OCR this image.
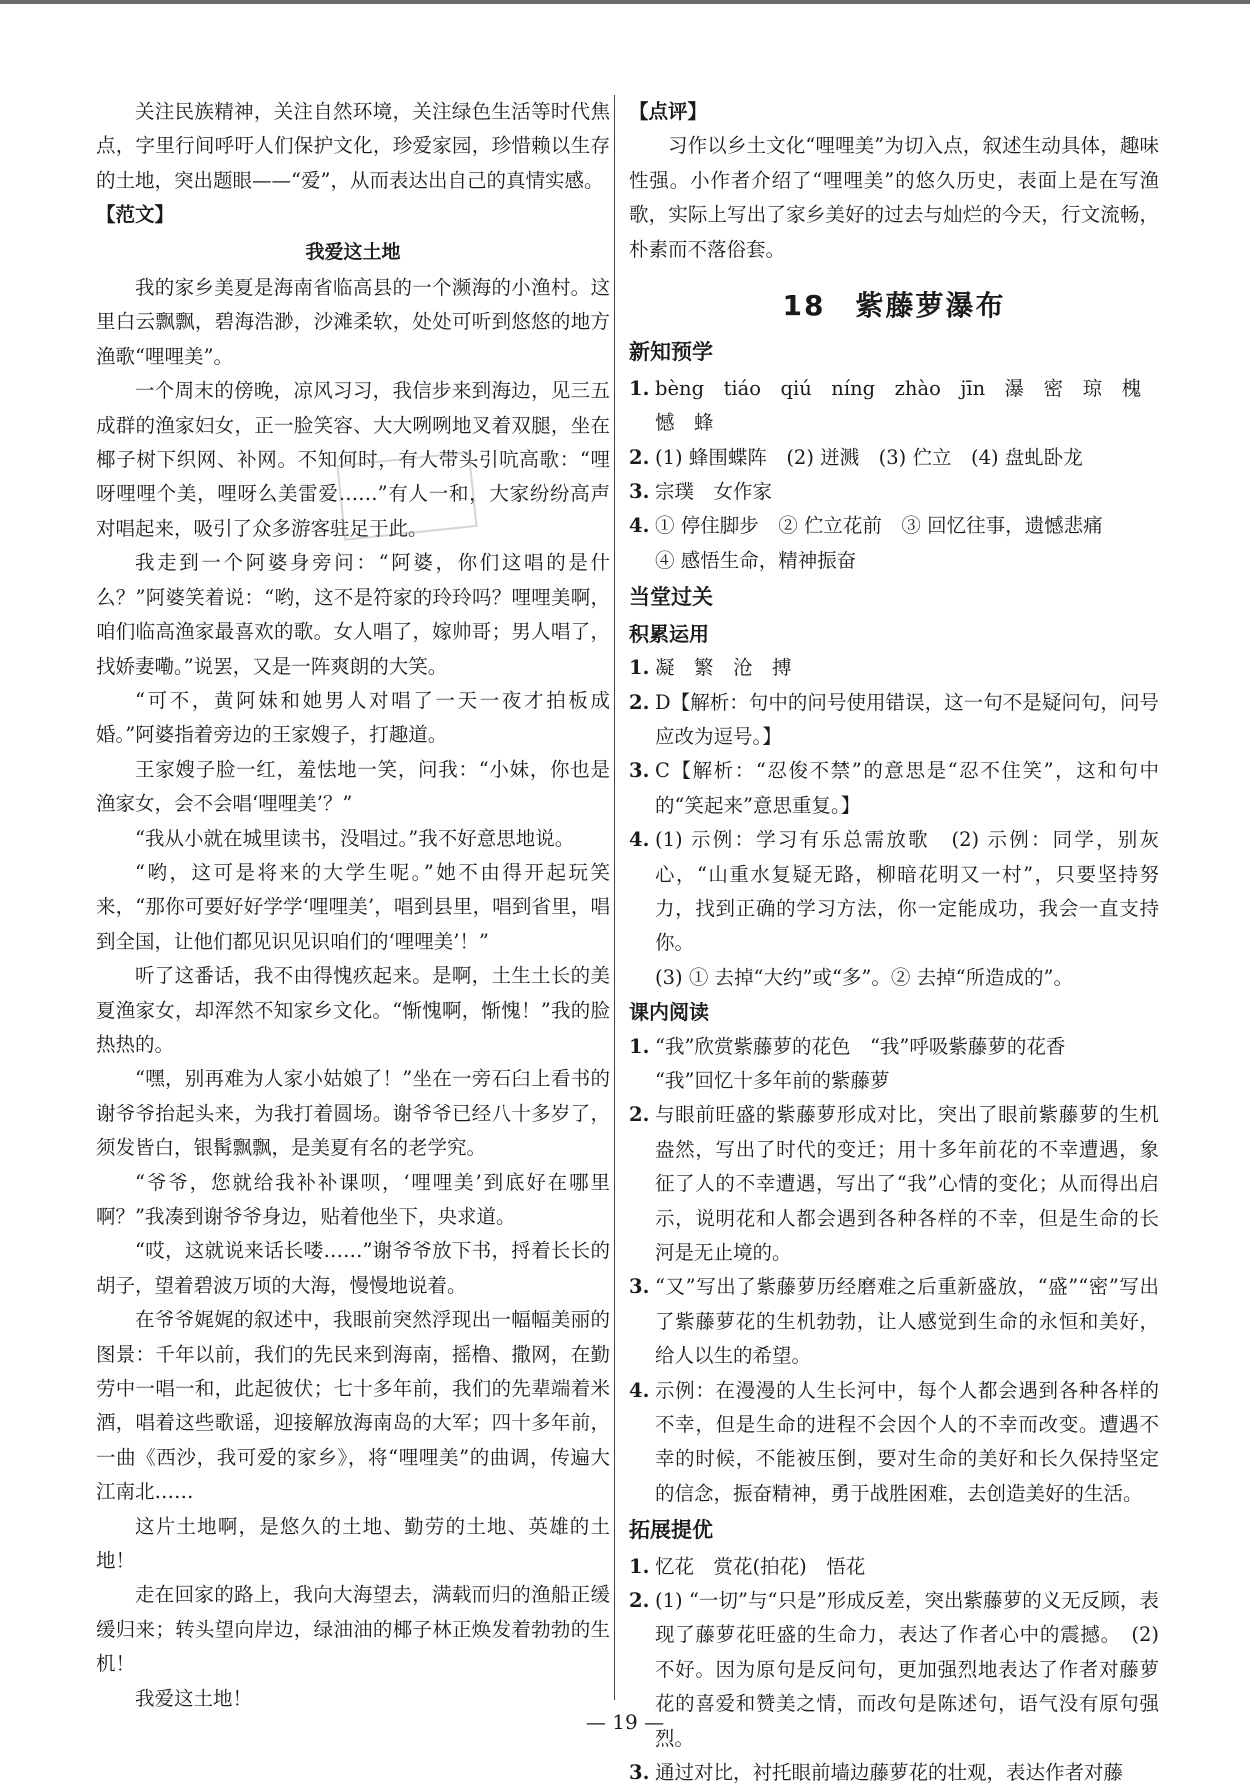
关注民族精神，关注自然环境，关注绿色生活等时代焦点，字里行间呼吁人们保护文化，珍爱家园，珍惜赖以生存的土地，突出题眼——“爱”，从而表达出自己的真情实感。

【范文】

我爱这土地

我的家乡美夏是海南省临高县的一个濒海的小渔村。这里白云飘飘，碧海浩渺，沙滩柔软，处处可听到悠悠的地方渔歌“哩哩美”。

一个周末的傍晚，凉风习习，我信步来到海边，见三五成群的渔家妇女，正一脸笑容、大大咧咧地叉着双腿，坐在椰子树下织网、补网。不知何时，有人带头引吭高歌：“哩呀哩哩个美，哩呀么美雷爱……”有人一和，大家纷纷高声对唱起来，吸引了众多游客驻足于此。

我走到一个阿婆身旁问：“阿婆，你们这唱的是什么？”阿婆笑着说：“哟，这不是符家的玲玲吗？哩哩美啊，咱们临高渔家最喜欢的歌。女人唱了，嫁帅哥；男人唱了，找娇妻嘞。”说罢，又是一阵爽朗的大笑。

“可不，黄阿妹和她男人对唱了一天一夜才拍板成婚。”阿婆指着旁边的王家嫂子，打趣道。

王家嫂子脸一红，羞怯地一笑，问我：“小妹，你也是渔家女，会不会唱‘哩哩美’？”

“我从小就在城里读书，没唱过。”我不好意思地说。

“哟，这可是将来的大学生呢。”她不由得开起玩笑来，“那你可要好好学学‘哩哩美’，唱到县里，唱到省里，唱到全国，让他们都见识见识咱们的‘哩哩美’！”

听了这番话，我不由得愧疚起来。是啊，土生土长的美夏渔家女，却浑然不知家乡文化。“惭愧啊，惭愧！”我的脸热热的。

“嘿，别再难为人家小姑娘了！”坐在一旁石臼上看书的谢爷爷抬起头来，为我打着圆场。谢爷爷已经八十多岁了，须发皆白，银髯飘飘，是美夏有名的老学究。

“爷爷，您就给我补补课呗，‘哩哩美’到底好在哪里啊？”我凑到谢爷爷身边，贴着他坐下，央求道。

“哎，这就说来话长喽……”谢爷爷放下书，捋着长长的胡子，望着碧波万顷的大海，慢慢地说着。

在爷爷娓娓的叙述中，我眼前突然浮现出一幅幅美丽的图景：千年以前，我们的先民来到海南，摇橹、撒网，在勤劳中一唱一和，此起彼伏；七十多年前，我们的先辈端着米酒，唱着这些歌谣，迎接解放海南岛的大军；四十多年前，一曲《西沙，我可爱的家乡》，将“哩哩美”的曲调，传遍大江南北……

这片土地啊，是悠久的土地、勤劳的土地、英雄的土地！

走在回家的路上，我向大海望去，满载而归的渔船正缓缓归来；转头望向岸边，绿油油的椰子林正焕发着勃勃的生机！

我爱这土地！

【点评】

习作以乡土文化“哩哩美”为切入点，叙述生动具体，趣味性强。小作者介绍了“哩哩美”的悠久历史，表面上是在写渔歌，实际上写出了家乡美好的过去与灿烂的今天，行文流畅，朴素而不落俗套。

18　紫藤萝瀑布
新知预学
1. bèng　tiáo　qiú　níng　zhào　jīn　瀑　密　琼　槐
憾　蜂
2. (1) 蜂围蝶阵　(2) 迸溅　(3) 伫立　(4) 盘虬卧龙
3. 宗璞　女作家
4. ① 停住脚步　② 伫立花前　③ 回忆往事，遗憾悲痛
④ 感悟生命，精神振奋
当堂过关
积累运用
1. 凝　繁　沧　搏
2. D【解析：句中的问号使用错误，这一句不是疑问句，问号应改为逗号。】
3. C【解析：“忍俊不禁”的意思是“忍不住笑”，这和句中的“笑起来”意思重复。】
4. (1) 示例：学习有乐总需放歌　(2) 示例：同学，别灰心，“山重水复疑无路，柳暗花明又一村”，只要坚持努力，找到正确的学习方法，你一定能成功，我会一直支持你。
(3) ① 去掉“大约”或“多”。② 去掉“所造成的”。
课内阅读
1. “我”欣赏紫藤萝的花色　“我”呼吸紫藤萝的花香
“我”回忆十多年前的紫藤萝
2. 与眼前旺盛的紫藤萝形成对比，突出了眼前紫藤萝的生机盎然，写出了时代的变迁；用十多年前花的不幸遭遇，象征了人的不幸遭遇，写出了“我”心情的变化；从而得出启示，说明花和人都会遇到各种各样的不幸，但是生命的长河是无止境的。
3. “又”写出了紫藤萝历经磨难之后重新盛放，“盛”“密”写出了紫藤萝花的生机勃勃，让人感觉到生命的永恒和美好，给人以生的希望。
4. 示例：在漫漫的人生长河中，每个人都会遇到各种各样的不幸，但是生命的进程不会因个人的不幸而改变。遭遇不幸的时候，不能被压倒，要对生命的美好和长久保持坚定的信念，振奋精神，勇于战胜困难，去创造美好的生活。
拓展提优
1. 忆花　赏花(拍花)　悟花
2. (1) “一切”与“只是”形成反差，突出紫藤萝的义无反顾，表现了藤萝花旺盛的生命力，表达了作者心中的震撼。　(2) 不好。因为原句是反问句，更加强烈地表达了作者对藤萝花的喜爱和赞美之情，而改句是陈述句，语气没有原句强烈。
3. 通过对比，衬托眼前墙边藤萝花的壮观，表达作者对藤
— 19 —
